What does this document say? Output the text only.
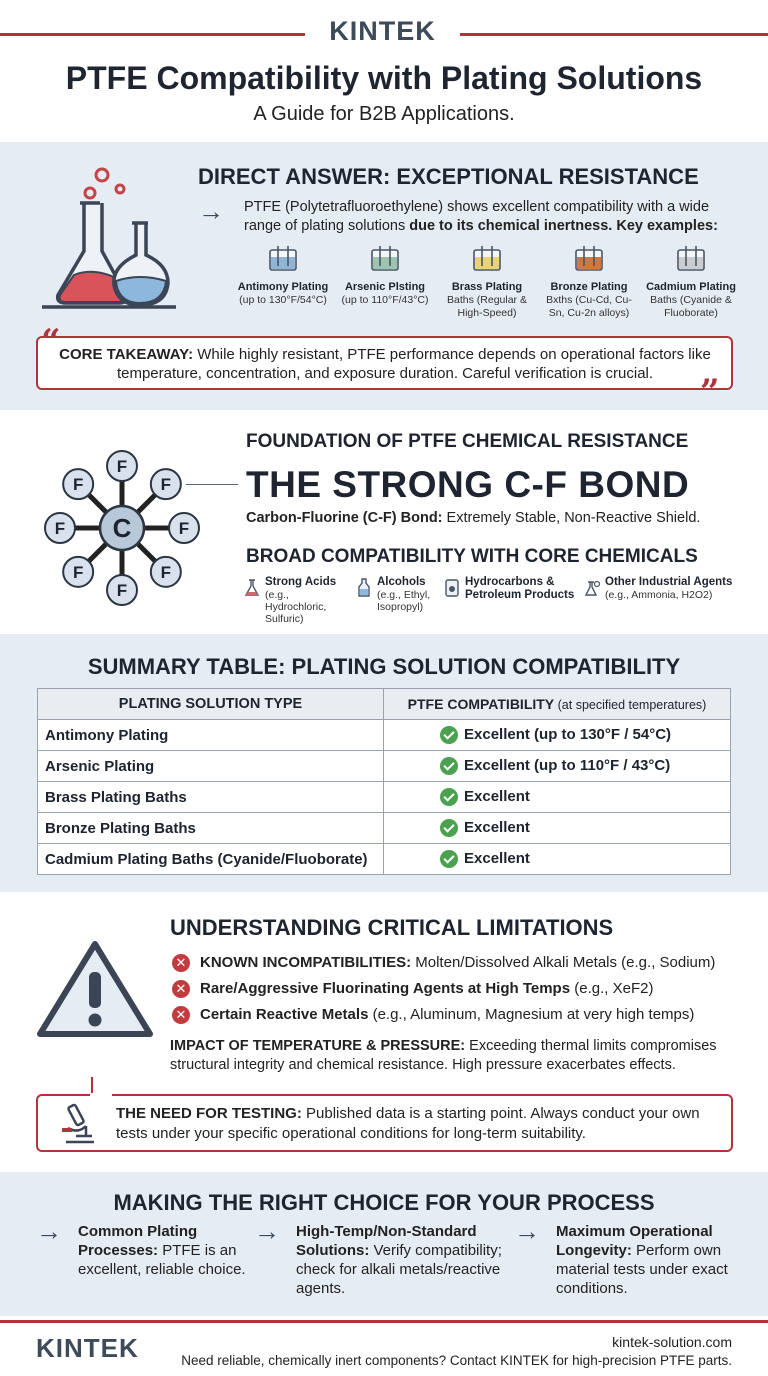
KINTEK
PTFE Compatibility with Plating Solutions
A Guide for B2B Applications.
DIRECT ANSWER: EXCEPTIONAL RESISTANCE
→ PTFE (Polytetrafluoroethylene) shows excellent compatibility with a wide range of plating solutions due to its chemical inertness. Key examples:
Antimony Plating
(up to 130°F/54°C)
Arsenic Plsting
(up to 110°F/43°C)
Brass Plating
Baths (Regular & High-Speed)
Bronze Plating
Bxths (Cu-Cd, Cu-Sn, Cu-2n alloys)
Cadmium Plating
Baths (Cyanide & Fluoborate)
“
”
CORE TAKEAWAY: While highly resistant, PTFE performance depends on operational factors like temperature, concentration, and exposure duration. Careful verification is crucial.
F
F
F
F
F
F
F
F
C
FOUNDATION OF PTFE CHEMICAL RESISTANCE
THE STRONG C-F BOND
Carbon-Fluorine (C-F) Bond: Extremely Stable, Non-Reactive Shield.
BROAD COMPATIBILITY WITH CORE CHEMICALS
Strong Acids
(e.g., Hydrochloric, Sulfuric)
Alcohols
(e.g., Ethyl, Isopropyl)
Hydrocarbons & Petroleum Products
Other Industrial Agents
(e.g., Ammonia, H2O2)
SUMMARY TABLE: PLATING SOLUTION COMPATIBILITY
PLATING SOLUTION TYPE	PTFE COMPATIBILITY (at specified temperatures)
Antimony Plating	Excellent (up to 130°F / 54°C)
Arsenic Plating	Excellent (up to 110°F / 43°C)
Brass Plating Baths	Excellent
Bronze Plating Baths	Excellent
Cadmium Plating Baths (Cyanide/Fluoborate)	Excellent
UNDERSTANDING CRITICAL LIMITATIONS
✕ KNOWN INCOMPATIBILITIES: Molten/Dissolved Alkali Metals (e.g., Sodium)
✕ Rare/Aggressive Fluorinating Agents at High Temps (e.g., XeF2)
✕ Certain Reactive Metals (e.g., Aluminum, Magnesium at very high temps)
IMPACT OF TEMPERATURE & PRESSURE: Exceeding thermal limits compromises structural integrity and chemical resistance. High pressure exacerbates effects.
THE NEED FOR TESTING: Published data is a starting point. Always conduct your own tests under your specific operational conditions for long-term suitability.
MAKING THE RIGHT CHOICE FOR YOUR PROCESS
→ Common Plating Processes: PTFE is an excellent, reliable choice.
→ High-Temp/Non-Standard Solutions: Verify compatibility; check for alkali metals/reactive agents.
→ Maximum Operational Longevity: Perform own material tests under exact conditions.
KINTEK	kintek-solution.com
Need reliable, chemically inert components? Contact KINTEK for high-precision PTFE parts.
